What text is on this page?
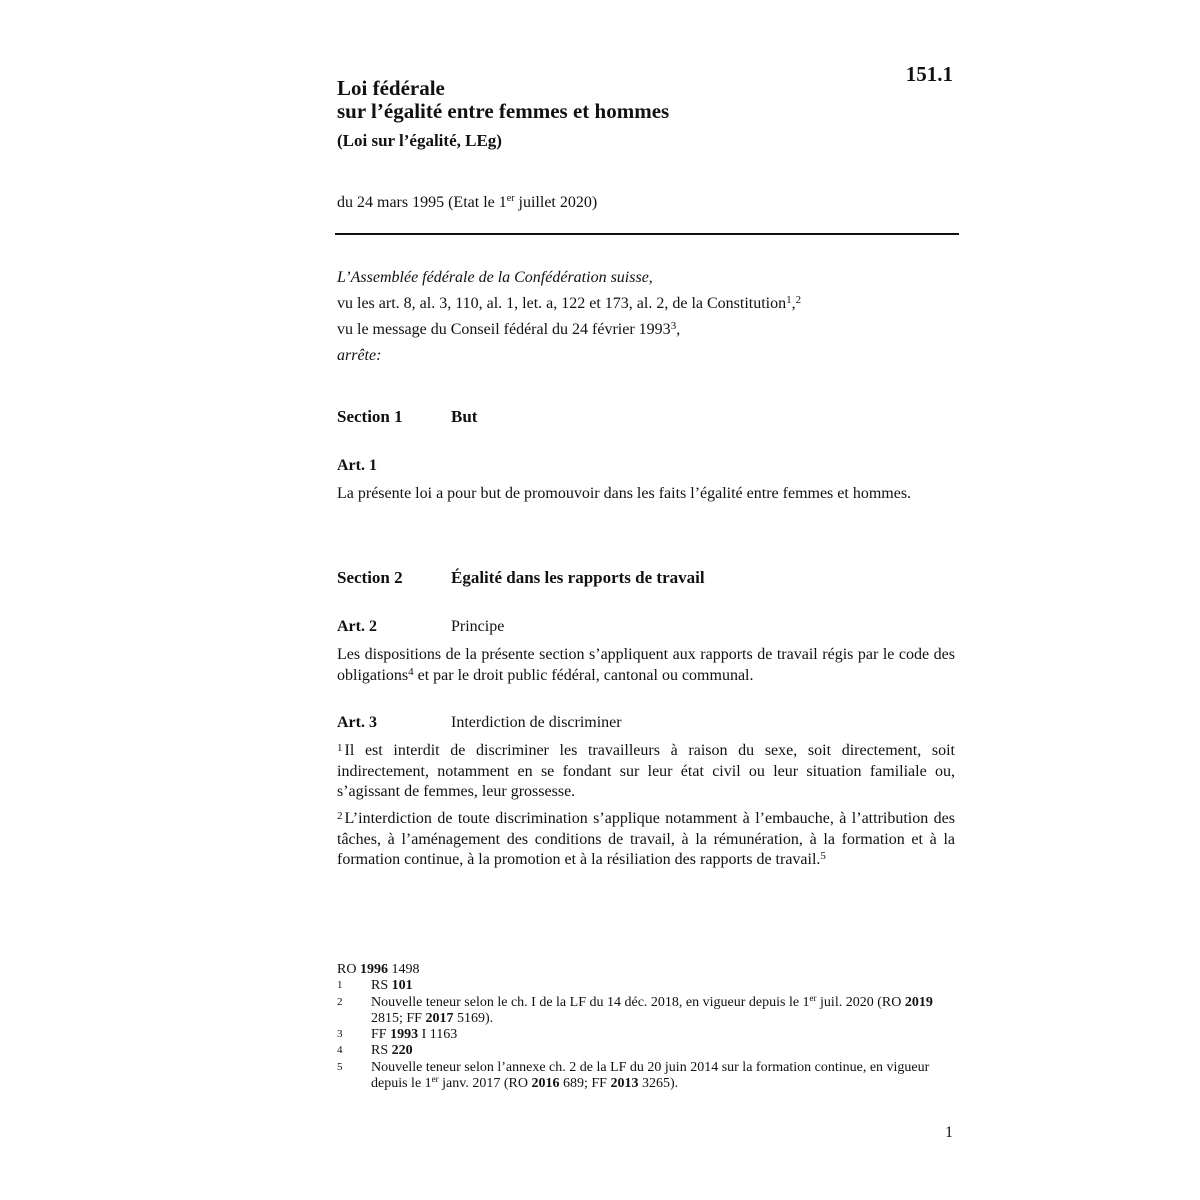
151.1
Loi fédérale
sur l’égalité entre femmes et hommes
(Loi sur l’égalité, LEg)
du 24 mars 1995 (Etat le 1er juillet 2020)
L’Assemblée fédérale de la Confédération suisse,
vu les art. 8, al. 3, 110, al. 1, let. a, 122 et 173, al. 2, de la Constitution$^1$,$^2$
vu le message du Conseil fédéral du 24 février 1993$^3$,
arrête:
Section 1	But
Art. 1
La présente loi a pour but de promouvoir dans les faits l’égalité entre femmes et hommes.
Section 2	Égalité dans les rapports de travail
Art. 2	Principe
Les dispositions de la présente section s’appliquent aux rapports de travail régis par le code des obligations$^4$ et par le droit public fédéral, cantonal ou communal.
Art. 3	Interdiction de discriminer
$^1$ Il est interdit de discriminer les travailleurs à raison du sexe, soit directement, soit indirectement, notamment en se fondant sur leur état civil ou leur situation familiale ou, s’agissant de femmes, leur grossesse.
$^2$ L’interdiction de toute discrimination s’applique notamment à l’embauche, à l’attribution des tâches, à l’aménagement des conditions de travail, à la rémunération, à la formation et à la formation continue, à la promotion et à la résiliation des rapports de travail.$^5$
RO 1996 1498
1	RS 101
2	Nouvelle teneur selon le ch. I de la LF du 14 déc. 2018, en vigueur depuis le 1er juil. 2020 (RO 2019 2815; FF 2017 5169).
3	FF 1993 I 1163
4	RS 220
5	Nouvelle teneur selon l’annexe ch. 2 de la LF du 20 juin 2014 sur la formation continue, en vigueur depuis le 1er janv. 2017 (RO 2016 689; FF 2013 3265).
1
